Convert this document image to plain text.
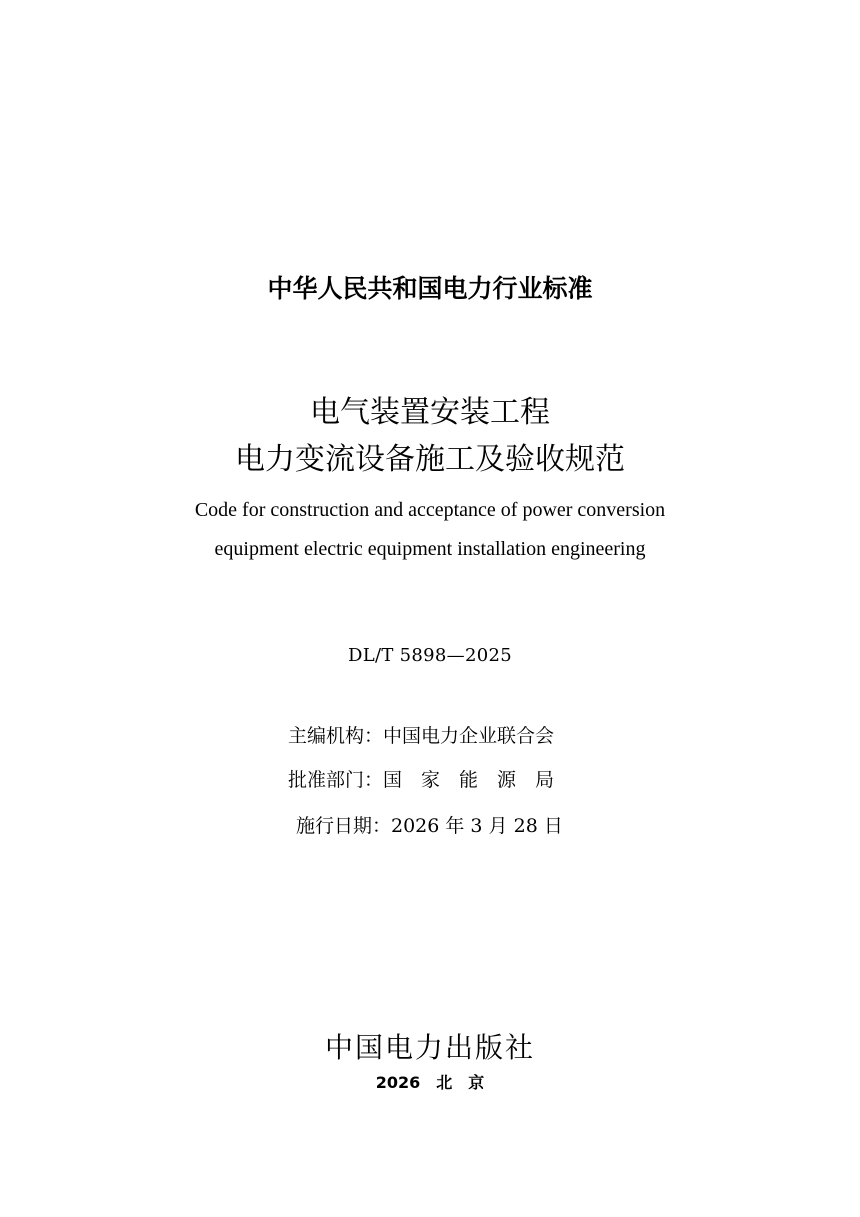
中华人民共和国电力行业标准
电气装置安装工程
电力变流设备施工及验收规范
Code for construction and acceptance of power conversion
equipment electric equipment installation engineering
DL/T 5898—2025
主编机构：中国电力企业联合会
批准部门：国　家　能　源　局
施行日期：2026 年 3 月 28 日
中国电力出版社
2026　北　京
